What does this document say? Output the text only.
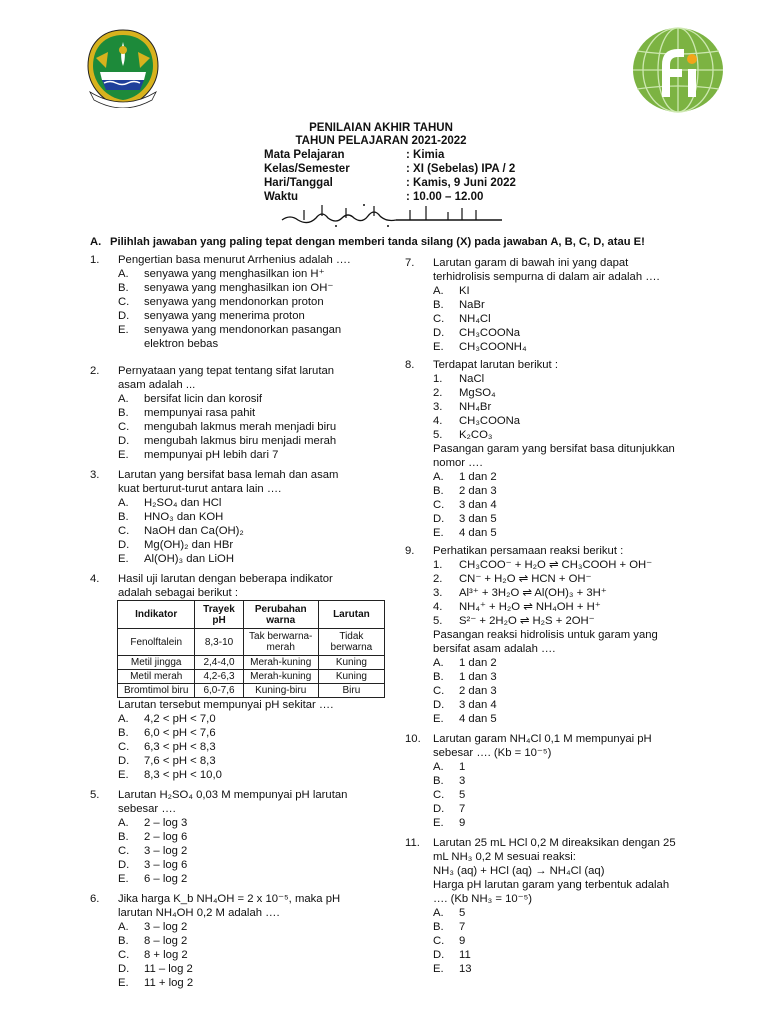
PENILAIAN AKHIR TAHUN
TAHUN PELAJARAN 2021-2022
Mata Pelajaran	: Kimia
Kelas/Semester	: XI (Sebelas) IPA / 2
Hari/Tanggal	: Kamis, 9 Juni 2022
Waktu	: 10.00 – 12.00
A. Pilihlah jawaban yang paling tepat dengan memberi tanda silang (X) pada jawaban A, B, C, D, atau E!
1. Pengertian basa menurut Arrhenius adalah ….
A. senyawa yang menghasilkan ion H⁺
B. senyawa yang menghasilkan ion OH⁻
C. senyawa yang mendonorkan proton
D. senyawa yang menerima proton
E. senyawa yang mendonorkan pasangan
elektron bebas
2. Pernyataan yang tepat tentang sifat larutan
asam adalah ...
A. bersifat licin dan korosif
B. mempunyai rasa pahit
C. mengubah lakmus merah menjadi biru
D. mengubah lakmus biru menjadi merah
E. mempunyai pH lebih dari 7
3. Larutan yang bersifat basa lemah dan asam
kuat berturut-turut antara lain ….
A. H₂SO₄ dan HCl
B. HNO₃ dan KOH
C. NaOH dan Ca(OH)₂
D. Mg(OH)₂ dan HBr
E. Al(OH)₃ dan LiOH
4. Hasil uji larutan dengan beberapa indikator
adalah sebagai berikut :
Indikator	Trayek pH	Perubahan warna	Larutan
Fenolftalein	8,3-10	Tak berwarna-merah	Tidak berwarna
Metil jingga	2,4-4,0	Merah-kuning	Kuning
Metil merah	4,2-6,3	Merah-kuning	Kuning
Bromtimol biru	6,0-7,6	Kuning-biru	Biru
Larutan tersebut mempunyai pH sekitar ….
A. 4,2 < pH < 7,0
B. 6,0 < pH < 7,6
C. 6,3 < pH < 8,3
D. 7,6 < pH < 8,3
E. 8,3 < pH < 10,0
5. Larutan H₂SO₄ 0,03 M mempunyai pH larutan
sebesar ….
A. 2 – log 3
B. 2 – log 6
C. 3 – log 2
D. 3 – log 6
E. 6 – log 2
6. Jika harga K_b NH₄OH = 2 x 10⁻⁵, maka pH
larutan NH₄OH 0,2 M adalah ….
A. 3 – log 2
B. 8 – log 2
C. 8 + log 2
D. 11 – log 2
E. 11 + log 2
7. Larutan garam di bawah ini yang dapat
terhidrolisis sempurna di dalam air adalah ….
A. KI
B. NaBr
C. NH₄Cl
D. CH₃COONa
E. CH₃COONH₄
8. Terdapat larutan berikut :
1. NaCl
2. MgSO₄
3. NH₄Br
4. CH₃COONa
5. K₂CO₃
Pasangan garam yang bersifat basa ditunjukkan
nomor ….
A. 1 dan 2
B. 2 dan 3
C. 3 dan 4
D. 3 dan 5
E. 4 dan 5
9. Perhatikan persamaan reaksi berikut :
1. CH₃COO⁻ + H₂O ⇌ CH₃COOH + OH⁻
2. CN⁻ + H₂O ⇌ HCN + OH⁻
3. Al³⁺ + 3H₂O ⇌ Al(OH)₃ + 3H⁺
4. NH₄⁺ + H₂O ⇌ NH₄OH + H⁺
5. S²⁻ + 2H₂O ⇌ H₂S + 2OH⁻
Pasangan reaksi hidrolisis untuk garam yang
bersifat asam adalah ….
A. 1 dan 2
B. 1 dan 3
C. 2 dan 3
D. 3 dan 4
E. 4 dan 5
10. Larutan garam NH₄Cl 0,1 M mempunyai pH
sebesar …. (Kb = 10⁻⁵)
A. 1
B. 3
C. 5
D. 7
E. 9
11. Larutan 25 mL HCl 0,2 M direaksikan dengan 25
mL NH₃ 0,2 M sesuai reaksi:
NH₃ (aq) + HCl (aq) → NH₄Cl (aq)
Harga pH larutan garam yang terbentuk adalah
…. (Kb NH₃ = 10⁻⁵)
A. 5
B. 7
C. 9
D. 11
E. 13
